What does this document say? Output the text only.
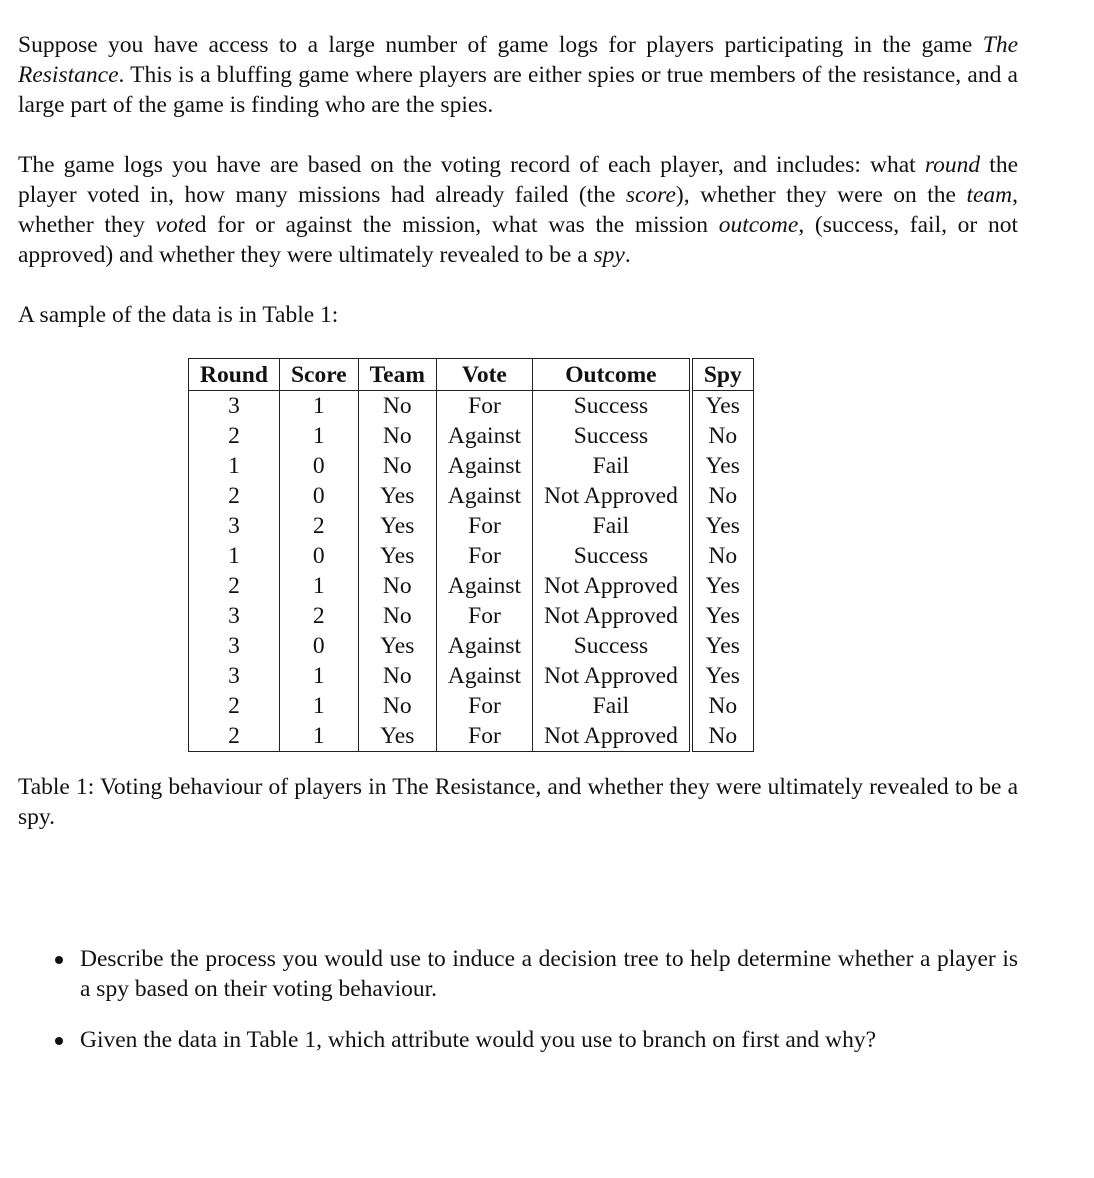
Suppose you have access to a large number of game logs for players participating in the game The Resistance. This is a bluffing game where players are either spies or true members of the resistance, and a large part of the game is finding who are the spies.

The game logs you have are based on the voting record of each player, and includes: what round the player voted in, how many missions had already failed (the score), whether they were on the team, whether they voted for or against the mission, what was the mission outcome, (success, fail, or not approved) and whether they were ultimately revealed to be a spy.

A sample of the data is in Table 1:

Round	Score	Team	Vote	Outcome	Spy
3	1	No	For	Success	Yes
2	1	No	Against	Success	No
1	0	No	Against	Fail	Yes
2	0	Yes	Against	Not Approved	No
3	2	Yes	For	Fail	Yes
1	0	Yes	For	Success	No
2	1	No	Against	Not Approved	Yes
3	2	No	For	Not Approved	Yes
3	0	Yes	Against	Success	Yes
3	1	No	Against	Not Approved	Yes
2	1	No	For	Fail	No
2	1	Yes	For	Not Approved	No

Table 1: Voting behaviour of players in The Resistance, and whether they were ultimately revealed to be a spy.

Describe the process you would use to induce a decision tree to help determine whether a player is a spy based on their voting behaviour.
Given the data in Table 1, which attribute would you use to branch on first and why?
